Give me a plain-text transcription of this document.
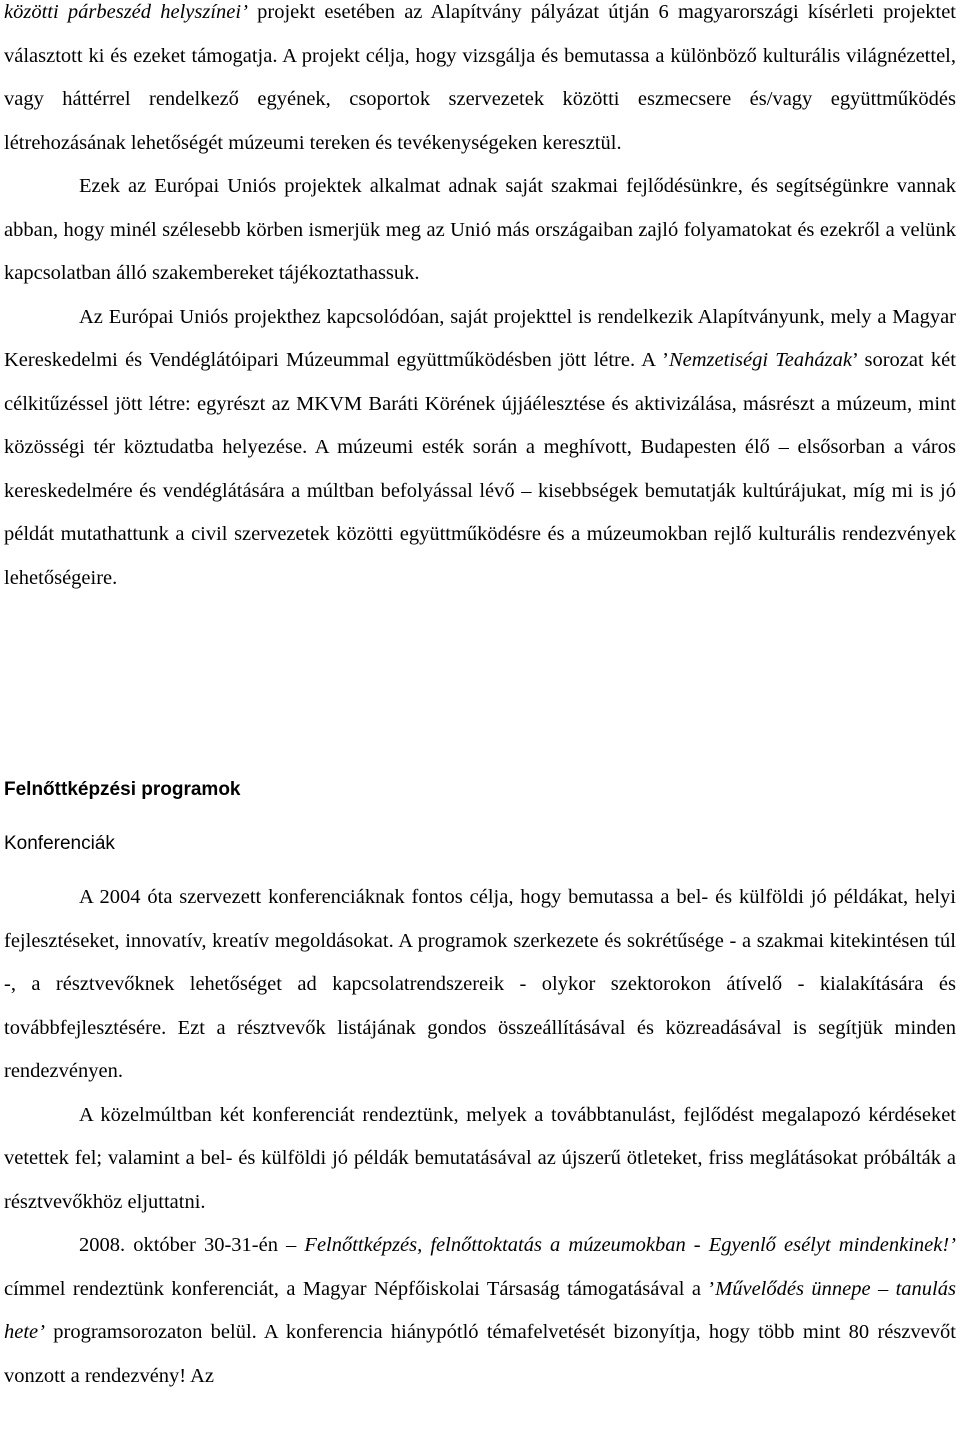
közötti párbeszéd helyszínei’ projekt esetében az Alapítvány pályázat útján 6 magyarországi kísérleti projektet választott ki és ezeket támogatja. A projekt célja, hogy vizsgálja és bemutassa a különböző kulturális világnézettel, vagy háttérrel rendelkező egyének, csoportok szervezetek közötti eszmecsere és/vagy együttműködés létrehozásának lehetőségét múzeumi tereken és tevékenységeken keresztül.

Ezek az Európai Uniós projektek alkalmat adnak saját szakmai fejlődésünkre, és segítségünkre vannak abban, hogy minél szélesebb körben ismerjük meg az Unió más országaiban zajló folyamatokat és ezekről a velünk kapcsolatban álló szakembereket tájékoztathassuk.

Az Európai Uniós projekthez kapcsolódóan, saját projekttel is rendelkezik Alapítványunk, mely a Magyar Kereskedelmi és Vendéglátóipari Múzeummal együttműködésben jött létre. A ’Nemzetiségi Teaházak’ sorozat két célkitűzéssel jött létre: egyrészt az MKVM Baráti Körének újjáélesztése és aktivizálása, másrészt a múzeum, mint közösségi tér köztudatba helyezése. A múzeumi esték során a meghívott, Budapesten élő – elsősorban a város kereskedelmére és vendéglátására a múltban befolyással lévő – kisebbségek bemutatják kultúrájukat, míg mi is jó példát mutathattunk a civil szervezetek közötti együttműködésre és a múzeumokban rejlő kulturális rendezvények lehetőségeire.

Felnőttképzési programok
Konferenciák

A 2004 óta szervezett konferenciáknak fontos célja, hogy bemutassa a bel- és külföldi jó példákat, helyi fejlesztéseket, innovatív, kreatív megoldásokat. A programok szerkezete és sokrétűsége - a szakmai kitekintésen túl -, a résztvevőknek lehetőséget ad kapcsolatrendszereik - olykor szektorokon átívelő - kialakítására és továbbfejlesztésére. Ezt a résztvevők listájának gondos összeállításával és közreadásával is segítjük minden rendezvényen.

A közelmúltban két konferenciát rendeztünk, melyek a továbbtanulást, fejlődést megalapozó kérdéseket vetettek fel; valamint a bel- és külföldi jó példák bemutatásával az újszerű ötleteket, friss meglátásokat próbálták a résztvevőkhöz eljuttatni.

2008. október 30-31-én – Felnőttképzés, felnőttoktatás a múzeumokban - Egyenlő esélyt mindenkinek!’ címmel rendeztünk konferenciát, a Magyar Népfőiskolai Társaság támogatásával a ’Művelődés ünnepe – tanulás hete’ programsorozaton belül. A konferencia hiánypótló témafelvetését bizonyítja, hogy több mint 80 részvevőt vonzott a rendezvény! Az
